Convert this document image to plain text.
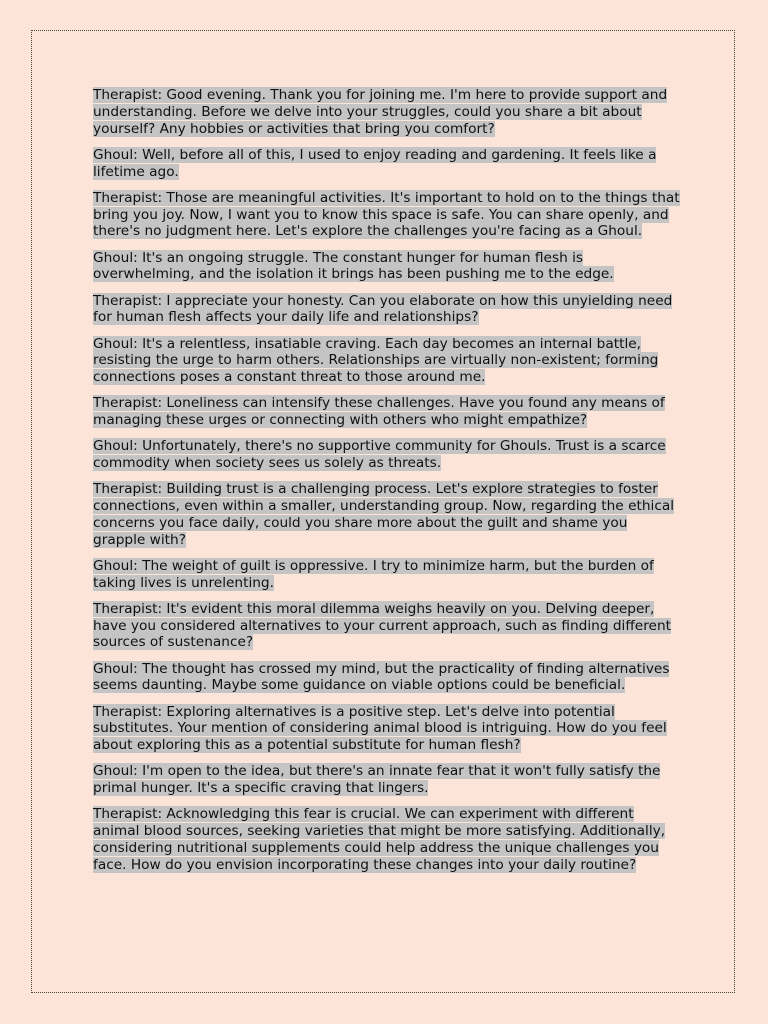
Therapist: Good evening. Thank you for joining me. I'm here to provide support and understanding. Before we delve into your struggles, could you share a bit about yourself? Any hobbies or activities that bring you comfort?

Ghoul: Well, before all of this, I used to enjoy reading and gardening. It feels like a lifetime ago.

Therapist: Those are meaningful activities. It's important to hold on to the things that bring you joy. Now, I want you to know this space is safe. You can share openly, and there's no judgment here. Let's explore the challenges you're facing as a Ghoul.

Ghoul: It's an ongoing struggle. The constant hunger for human flesh is overwhelming, and the isolation it brings has been pushing me to the edge.

Therapist: I appreciate your honesty. Can you elaborate on how this unyielding need for human flesh affects your daily life and relationships?

Ghoul: It's a relentless, insatiable craving. Each day becomes an internal battle, resisting the urge to harm others. Relationships are virtually non-existent; forming connections poses a constant threat to those around me.

Therapist: Loneliness can intensify these challenges. Have you found any means of managing these urges or connecting with others who might empathize?

Ghoul: Unfortunately, there's no supportive community for Ghouls. Trust is a scarce commodity when society sees us solely as threats.

Therapist: Building trust is a challenging process. Let's explore strategies to foster connections, even within a smaller, understanding group. Now, regarding the ethical concerns you face daily, could you share more about the guilt and shame you grapple with?

Ghoul: The weight of guilt is oppressive. I try to minimize harm, but the burden of taking lives is unrelenting.

Therapist: It's evident this moral dilemma weighs heavily on you. Delving deeper, have you considered alternatives to your current approach, such as finding different sources of sustenance?

Ghoul: The thought has crossed my mind, but the practicality of finding alternatives seems daunting. Maybe some guidance on viable options could be beneficial.

Therapist: Exploring alternatives is a positive step. Let's delve into potential substitutes. Your mention of considering animal blood is intriguing. How do you feel about exploring this as a potential substitute for human flesh?

Ghoul: I'm open to the idea, but there's an innate fear that it won't fully satisfy the primal hunger. It's a specific craving that lingers.

Therapist: Acknowledging this fear is crucial. We can experiment with different animal blood sources, seeking varieties that might be more satisfying. Additionally, considering nutritional supplements could help address the unique challenges you face. How do you envision incorporating these changes into your daily routine?
